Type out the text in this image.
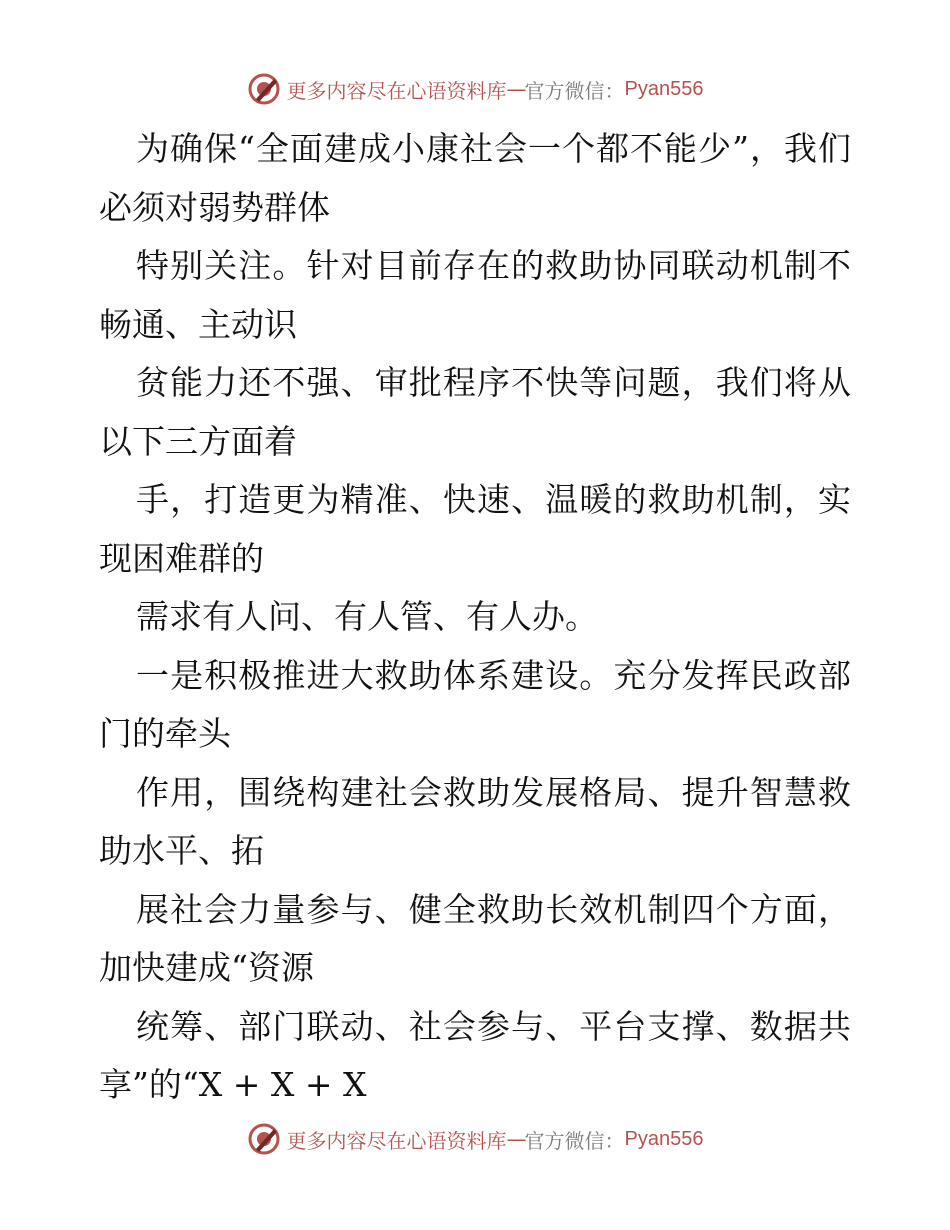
更多内容尽在心语资料库 — 官方微信： Pyan556

为确保“全面建成小康社会一个都不能少”，我们必须对弱势群体

特别关注。针对目前存在的救助协同联动机制不畅通、主动识

贫能力还不强、审批程序不快等问题，我们将从以下三方面着

手，打造更为精准、快速、温暖的救助机制，实现困难群的

需求有人问、有人管、有人办。

一是积极推进大救助体系建设。充分发挥民政部门的牵头

作用，围绕构建社会救助发展格局、提升智慧救助水平、拓

展社会力量参与、健全救助长效机制四个方面，加快建成“资源

统筹、部门联动、社会参与、平台支撑、数据共享”的“X + X + X

更多内容尽在心语资料库 — 官方微信： Pyan556
